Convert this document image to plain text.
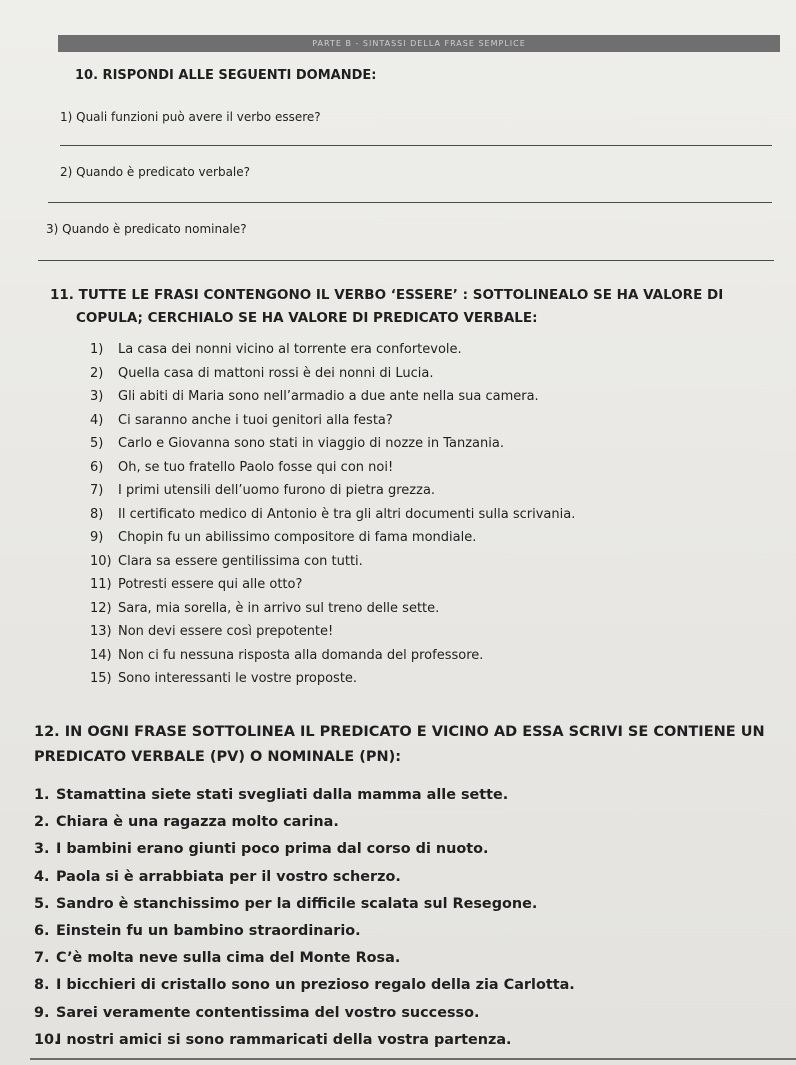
PARTE B - SINTASSI DELLA FRASE SEMPLICE
10. RISPONDI ALLE SEGUENTI DOMANDE:
1) Quali funzioni può avere il verbo essere?
2) Quando è predicato verbale?
3) Quando è predicato nominale?
11. TUTTE LE FRASI CONTENGONO IL VERBO ‘ESSERE’ : SOTTOLINEALO SE HA VALORE DI
COPULA; CERCHIALO SE HA VALORE DI PREDICATO VERBALE:
1) La casa dei nonni vicino al torrente era confortevole.
2) Quella casa di mattoni rossi è dei nonni di Lucia.
3) Gli abiti di Maria sono nell’armadio a due ante nella sua camera.
4) Ci saranno anche i tuoi genitori alla festa?
5) Carlo e Giovanna sono stati in viaggio di nozze in Tanzania.
6) Oh, se tuo fratello Paolo fosse qui con noi!
7) I primi utensili dell’uomo furono di pietra grezza.
8) Il certificato medico di Antonio è tra gli altri documenti sulla scrivania.
9) Chopin fu un abilissimo compositore di fama mondiale.
10) Clara sa essere gentilissima con tutti.
11) Potresti essere qui alle otto?
12) Sara, mia sorella, è in arrivo sul treno delle sette.
13) Non devi essere così prepotente!
14) Non ci fu nessuna risposta alla domanda del professore.
15) Sono interessanti le vostre proposte.
12. IN OGNI FRASE SOTTOLINEA IL PREDICATO E VICINO AD ESSA SCRIVI SE CONTIENE UN
PREDICATO VERBALE (PV) O NOMINALE (PN):
1. Stamattina siete stati svegliati dalla mamma alle sette.
2. Chiara è una ragazza molto carina.
3. I bambini erano giunti poco prima dal corso di nuoto.
4. Paola si è arrabbiata per il vostro scherzo.
5. Sandro è stanchissimo per la difficile scalata sul Resegone.
6. Einstein fu un bambino straordinario.
7. C’è molta neve sulla cima del Monte Rosa.
8. I bicchieri di cristallo sono un prezioso regalo della zia Carlotta.
9. Sarei veramente contentissima del vostro successo.
10.I nostri amici si sono rammaricati della vostra partenza.
